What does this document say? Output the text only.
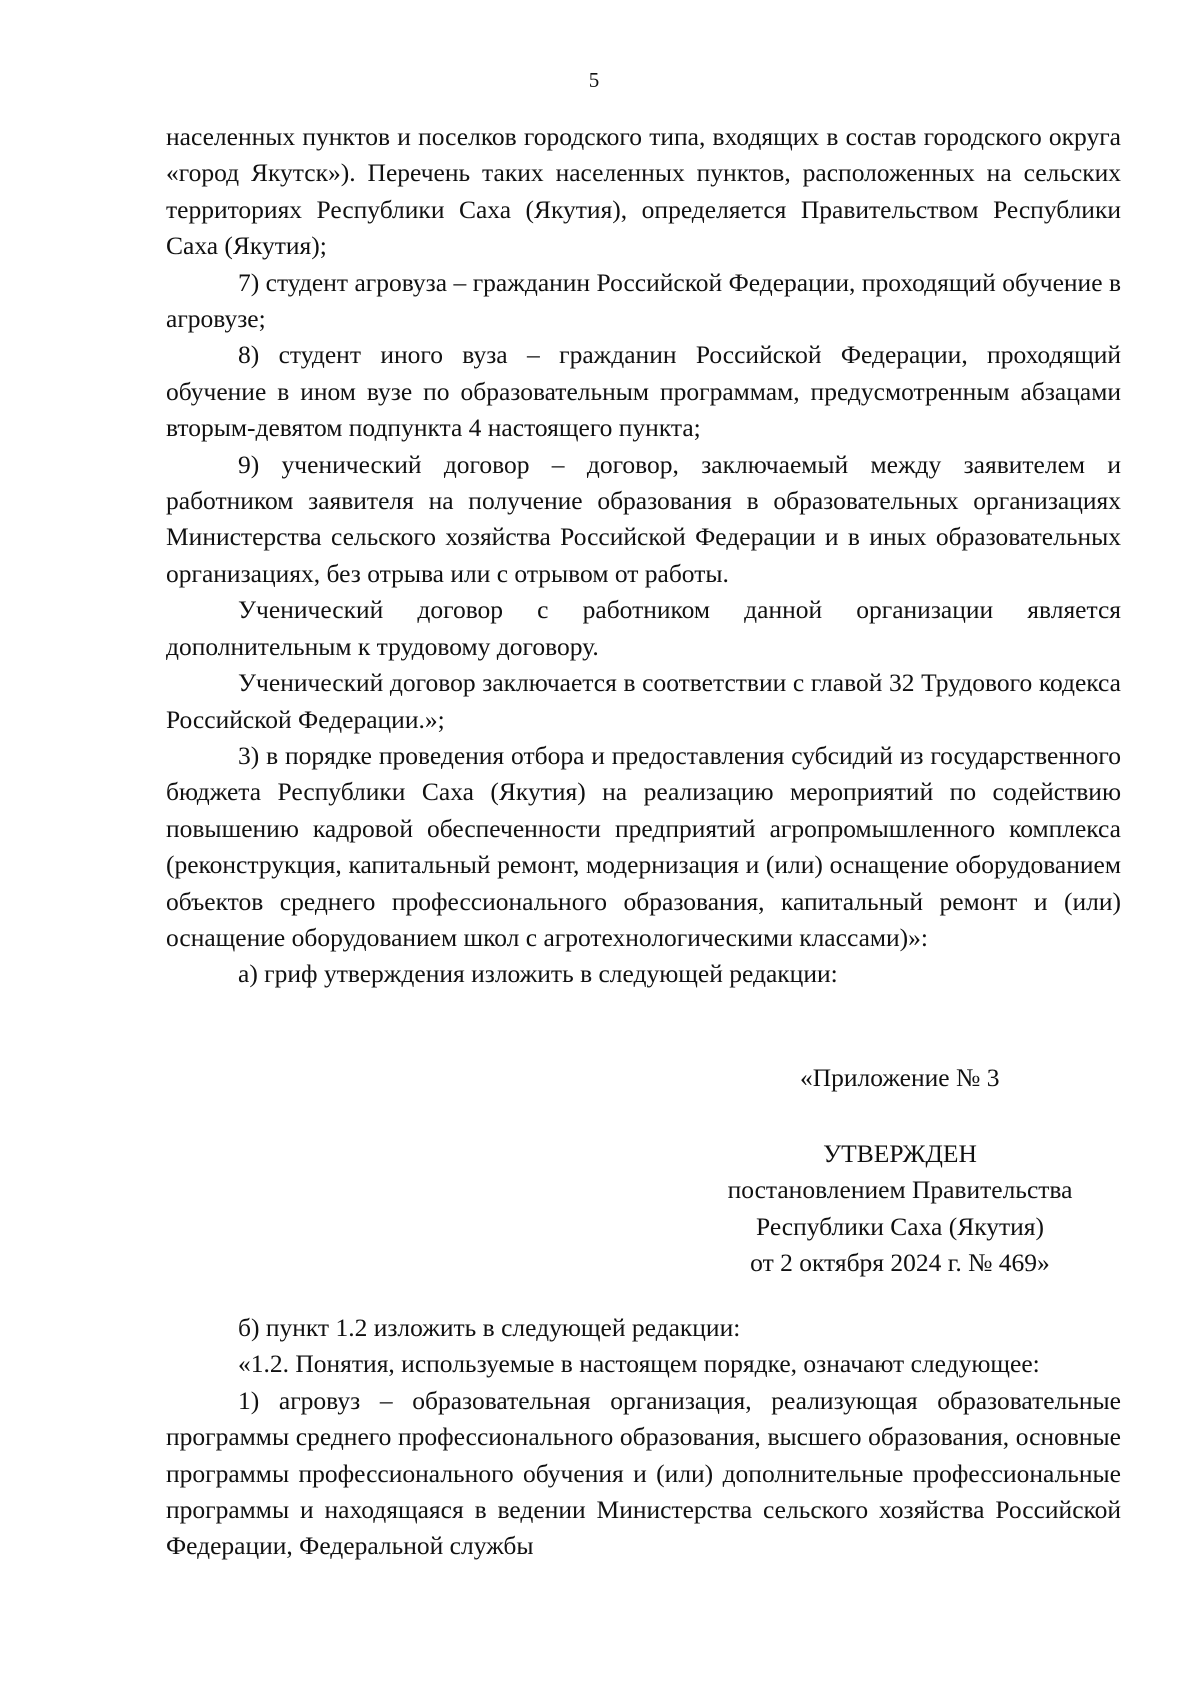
5

населенных пунктов и поселков городского типа, входящих в состав городского округа «город Якутск»). Перечень таких населенных пунктов, расположенных на сельских территориях Республики Саха (Якутия), определяется Правительством Республики Саха (Якутия);

7) студент агровуза – гражданин Российской Федерации, проходящий обучение в агровузе;

8) студент иного вуза – гражданин Российской Федерации, проходящий обучение в ином вузе по образовательным программам, предусмотренным абзацами вторым-девятом подпункта 4 настоящего пункта;

9) ученический договор – договор, заключаемый между заявителем и работником заявителя на получение образования в образовательных организациях Министерства сельского хозяйства Российской Федерации и в иных образовательных организациях, без отрыва или с отрывом от работы.

Ученический договор с работником данной организации является дополнительным к трудовому договору.

Ученический договор заключается в соответствии с главой 32 Трудового кодекса Российской Федерации.»;

3) в порядке проведения отбора и предоставления субсидий из государственного бюджета Республики Саха (Якутия) на реализацию мероприятий по содействию повышению кадровой обеспеченности предприятий агропромышленного комплекса (реконструкция, капитальный ремонт, модернизация и (или) оснащение оборудованием объектов среднего профессионального образования, капитальный ремонт и (или) оснащение оборудованием школ с агротехнологическими классами)»:

а) гриф утверждения изложить в следующей редакции:

«Приложение № 3
УТВЕРЖДЕН
постановлением Правительства
Республики Саха (Якутия)
от 2 октября 2024 г. № 469»

б) пункт 1.2 изложить в следующей редакции:

«1.2. Понятия, используемые в настоящем порядке, означают следующее:

1) агровуз – образовательная организация, реализующая образовательные программы среднего профессионального образования, высшего образования, основные программы профессионального обучения и (или) дополнительные профессиональные программы и находящаяся в ведении Министерства сельского хозяйства Российской Федерации, Федеральной службы
